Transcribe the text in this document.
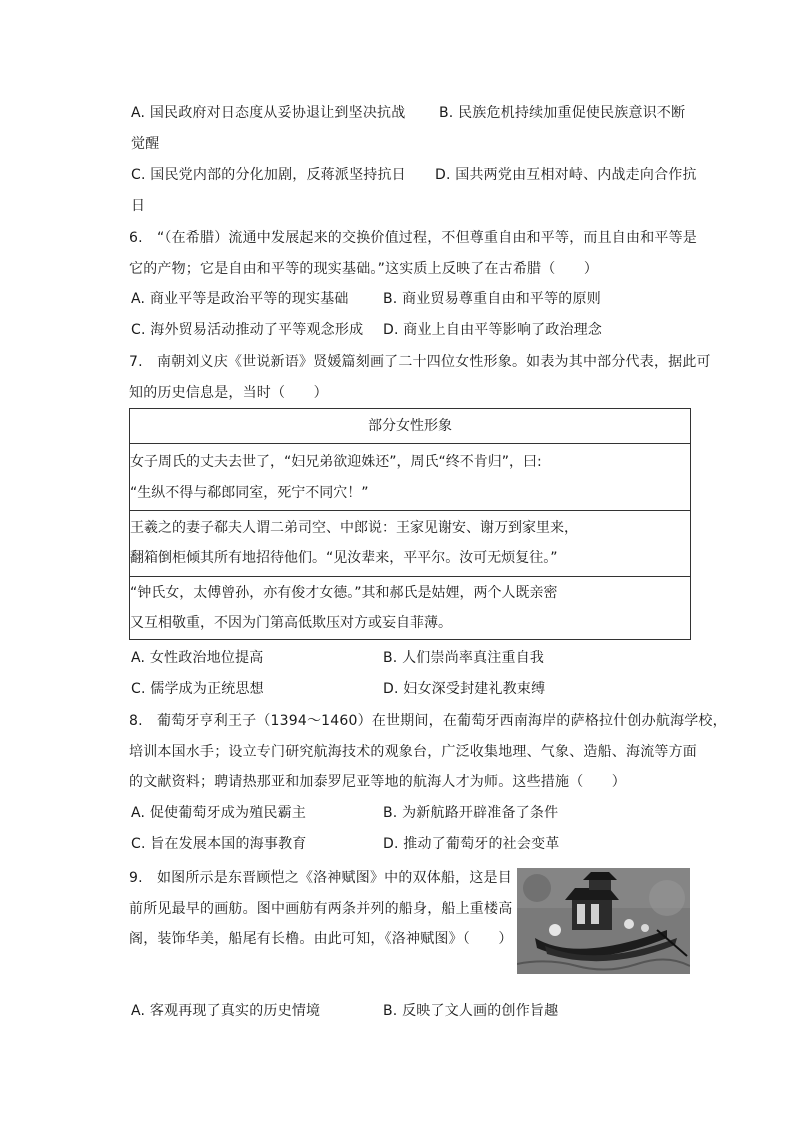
A. 国民政府对日态度从妥协退让到坚决抗战 B. 民族危机持续加重促使民族意识不断
觉醒
C. 国民党内部的分化加剧，反蒋派坚持抗日 D. 国共两党由互相对峙、内战走向合作抗
日
6.　“（在希腊）流通中发展起来的交换价值过程，不但尊重自由和平等，而且自由和平等是
它的产物；它是自由和平等的现实基础。”这实质上反映了在古希腊（　　）
A. 商业平等是政治平等的现实基础 B. 商业贸易尊重自由和平等的原则
C. 海外贸易活动推动了平等观念形成 D. 商业上自由平等影响了政治理念
7.　南朝刘义庆《世说新语》贤媛篇刻画了二十四位女性形象。如表为其中部分代表，据此可
知的历史信息是，当时（　　）
部分女性形象
女子周氏的丈夫去世了，“妇兄弟欲迎姝还”，周氏“终不肯归”，曰:
“生纵不得与郗郎同室，死宁不同穴！”
王羲之的妻子郗夫人谓二弟司空、中郎说：王家见谢安、谢万到家里来，
翻箱倒柜倾其所有地招待他们。“见汝辈来，平平尔。汝可无烦复往。”
“钟氏女，太傅曾孙，亦有俊才女德。”其和郝氏是姑娌，两个人既亲密
又互相敬重，不因为门第高低欺压对方或妄自菲薄。
A. 女性政治地位提高	B. 人们崇尚率真注重自我
C. 儒学成为正统思想	D. 妇女深受封建礼教束缚
8.　葡萄牙亨利王子（1394～1460）在世期间，在葡萄牙西南海岸的萨格拉什创办航海学校，
培训本国水手；设立专门研究航海技术的观象台，广泛收集地理、气象、造船、海流等方面
的文献资料；聘请热那亚和加泰罗尼亚等地的航海人才为师。这些措施（　　）
A. 促使葡萄牙成为殖民霸主	B. 为新航路开辟准备了条件
C. 旨在发展本国的海事教育	D. 推动了葡萄牙的社会变革
9.　如图所示是东晋顾恺之《洛神赋图》中的双体船，这是目
前所见最早的画舫。图中画舫有两条并列的船身，船上重楼高
阁，装饰华美，船尾有长橹。由此可知，《洛神赋图》（　　）
A. 客观再现了真实的历史情境	B. 反映了文人画的创作旨趣
